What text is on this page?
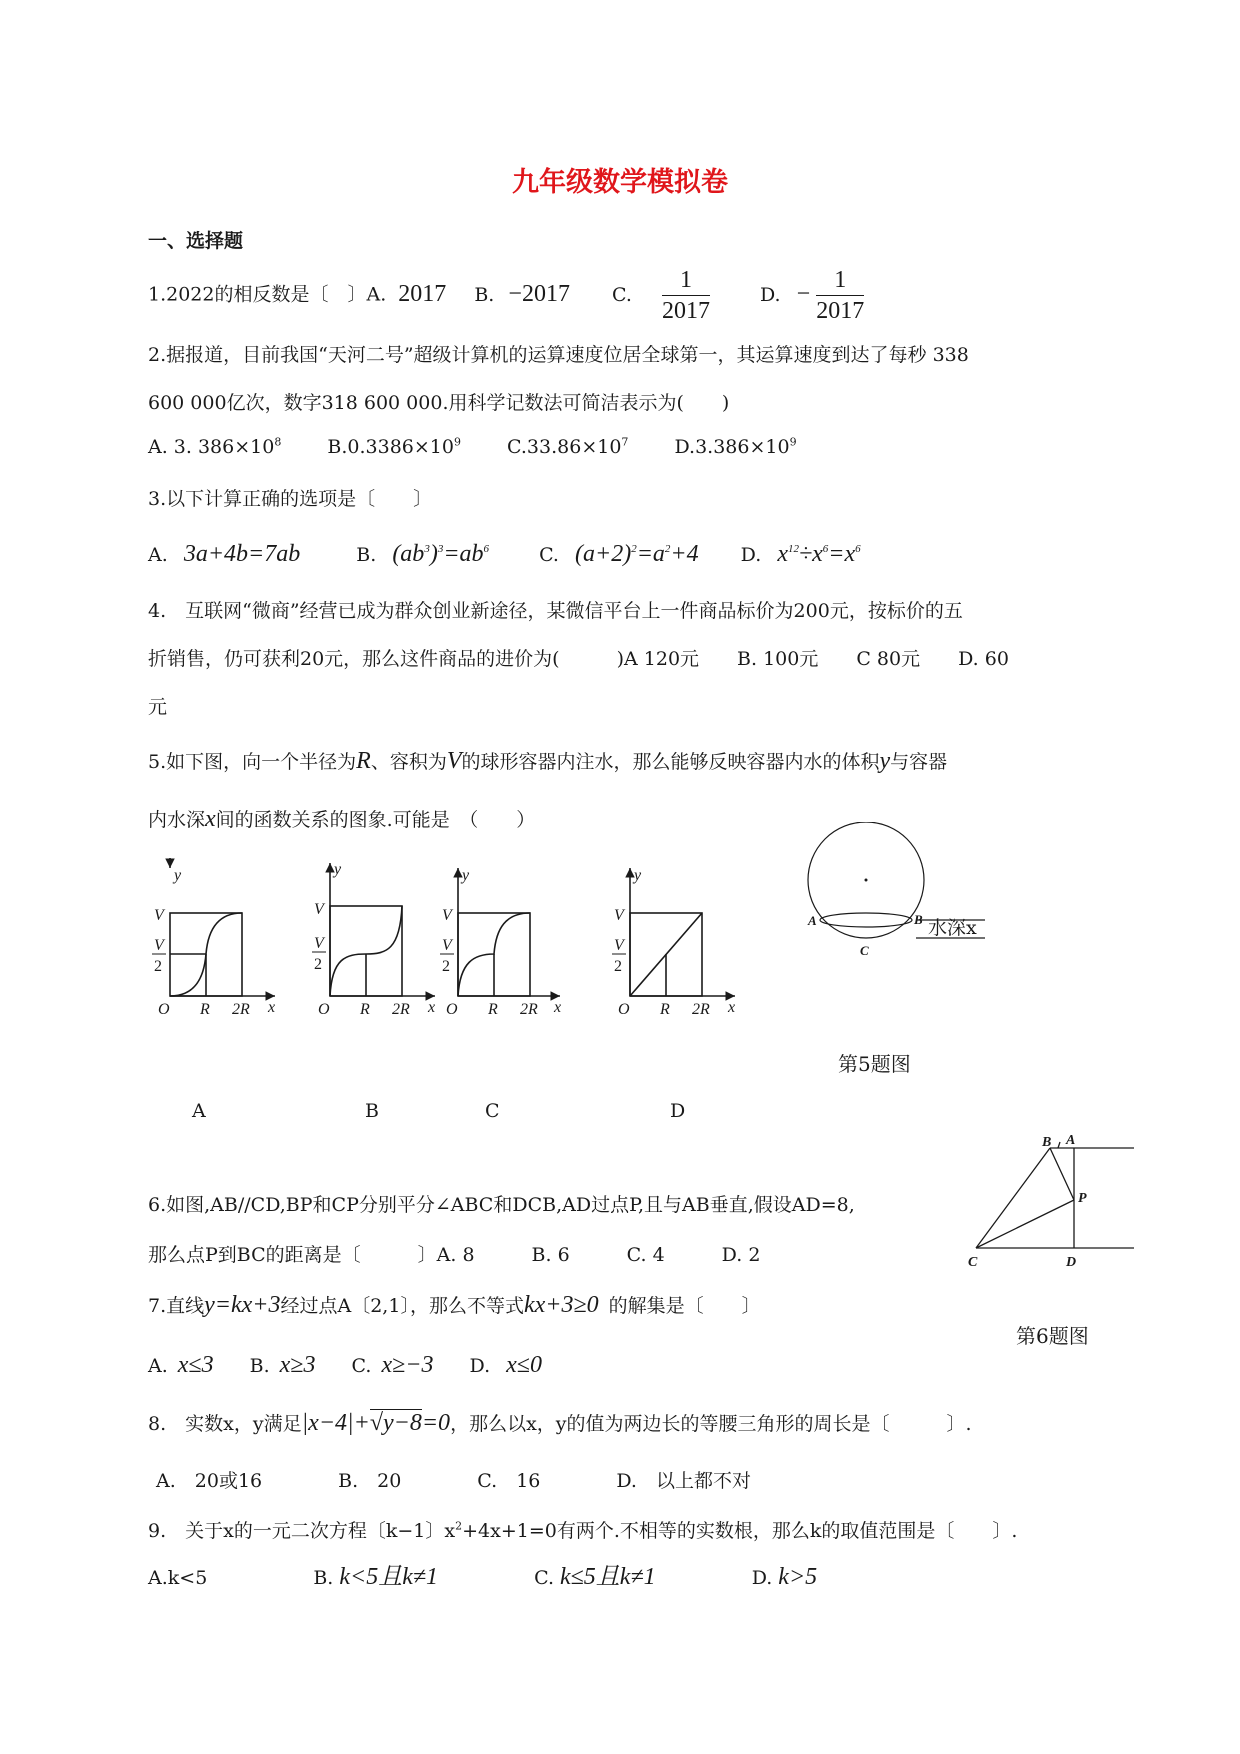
九年级数学模拟卷
一、选择题
1.2022的相反数是〔　〕A. 2017 B. −2017 C. $\frac{1}{2017}$	D. − $\frac{1}{2017}$
2.据报道，目前我国“天河二号”超级计算机的运算速度位居全球第一，其运算速度到达了每秒 338
600 000亿次，数字318 600 000.用科学记数法可简洁表示为(　　)
A. 3. $386\times 10^8$ $B.0.3386\times 10^9$ $C.33.86\times 10^7$ $D.3.386\times 10^9$
3.以下计算正确的选项是〔　　〕
A. 3a+4b=7ab	B. $(ab^3)^3=ab^6$	C. $(a+2)^2=a^2+4$ D. $x^{12}\div x^6=x^6$
4.　互联网“微商”经营已成为群众创业新途径，某微信平台上一件商品标价为200元，按标价的五
折销售，仍可获利20元，那么这件商品的进价为(　　　)A 120元　　B. 100元　　C 80元　　D. 60
元
5.如下图，向一个半径为R、容积为V的球形容器内注水，那么能够反映容器内水的体积y与容器
内水深x间的函数关系的图象.可能是　（　　）
y
V
V
2
O R 2R x
y
V
V
2
O R 2R x
y
V
V
2
O R 2R x
y
V
V
2
O R 2R x
A	B
C
水深x
第5题图
A	B	C	D
B A
P
C	D
6.如图,AB//CD,BP和CP分别平分∠ABC和DCB,AD过点P,且与AB垂直,假设AD=8,
那么点P到BC的距离是〔　　　〕A. 8　　　B. 6　　　C. 4　　　D. 2
7.直线y=kx+3经过点A〔2,1〕，那么不等式kx+3≥0 的解集是〔　　〕
第6题图
A. x≤3 B. x≥3 C. x≥−3 D. x≤0
8.　实数x，y满足|x−4|+√y−8=0，那么以x，y的值为两边长的等腰三角形的周长是〔　　　〕.
A.　20或16　　　　B.　20　　　　C.　16　　　　D.　以上都不对
9.　关于x的一元二次方程〔k−1〕$x^2+4x+1=0$有两个.不相等的实数根，那么k的取值范围是〔　　〕.
A.k<5	B. k<5且k≠1	C. k≤5且k≠1	D. k>5
